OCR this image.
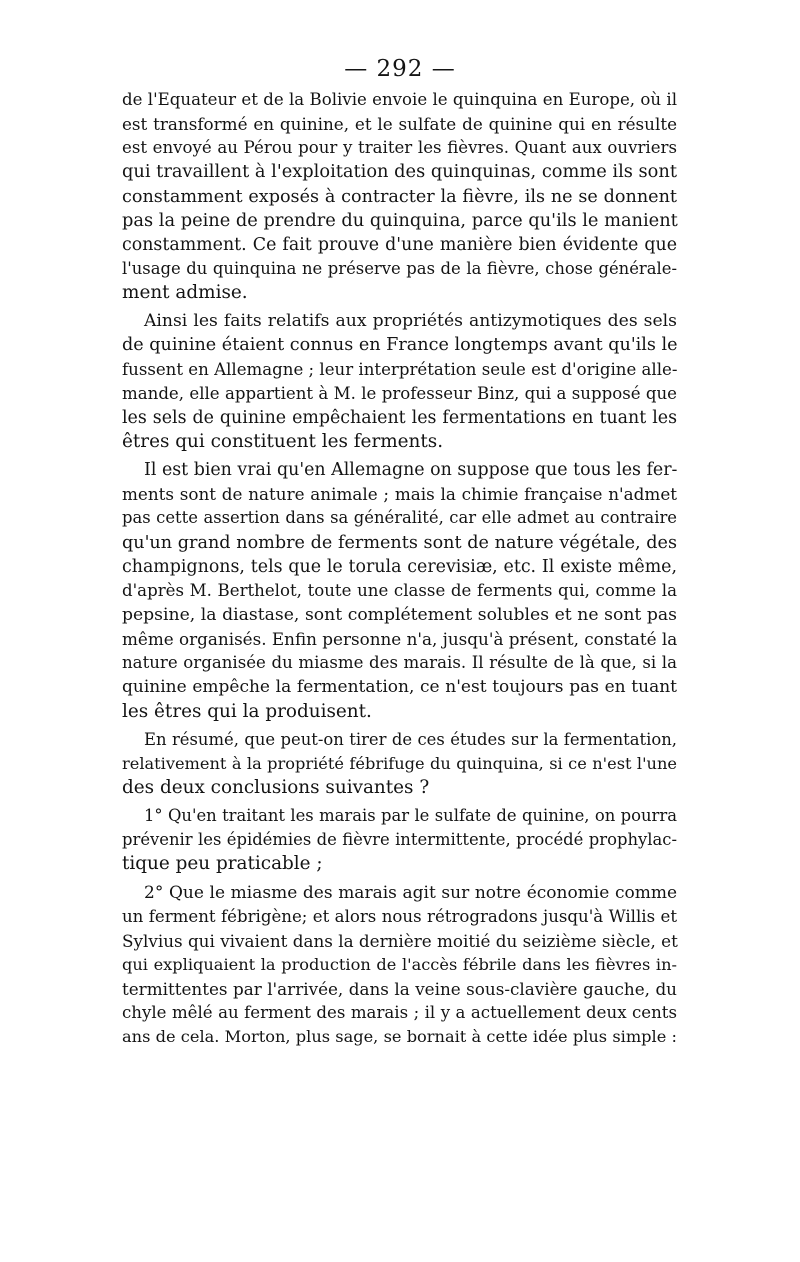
— 292 —
de l'Equateur et de la Bolivie envoie le quinquina en Europe, où il
est transformé en quinine, et le sulfate de quinine qui en résulte
est envoyé au Pérou pour y traiter les fièvres. Quant aux ouvriers
qui travaillent à l'exploitation des quinquinas, comme ils sont
constamment exposés à contracter la fièvre, ils ne se donnent
pas la peine de prendre du quinquina, parce qu'ils le manient
constamment. Ce fait prouve d'une manière bien évidente que
l'usage du quinquina ne préserve pas de la fièvre, chose générale-
ment admise.
Ainsi les faits relatifs aux propriétés antizymotiques des sels
de quinine étaient connus en France longtemps avant qu'ils le
fussent en Allemagne ; leur interprétation seule est d'origine alle-
mande, elle appartient à M. le professeur Binz, qui a supposé que
les sels de quinine empêchaient les fermentations en tuant les
êtres qui constituent les ferments.
Il est bien vrai qu'en Allemagne on suppose que tous les fer-
ments sont de nature animale ; mais la chimie française n'admet
pas cette assertion dans sa généralité, car elle admet au contraire
qu'un grand nombre de ferments sont de nature végétale, des
champignons, tels que le torula cerevisiæ, etc. Il existe même,
d'après M. Berthelot, toute une classe de ferments qui, comme la
pepsine, la diastase, sont complétement solubles et ne sont pas
même organisés. Enfin personne n'a, jusqu'à présent, constaté la
nature organisée du miasme des marais. Il résulte de là que, si la
quinine empêche la fermentation, ce n'est toujours pas en tuant
les êtres qui la produisent.
En résumé, que peut-on tirer de ces études sur la fermentation,
relativement à la propriété fébrifuge du quinquina, si ce n'est l'une
des deux conclusions suivantes ?
1° Qu'en traitant les marais par le sulfate de quinine, on pourra
prévenir les épidémies de fièvre intermittente, procédé prophylac-
tique peu praticable ;
2° Que le miasme des marais agit sur notre économie comme
un ferment fébrigène; et alors nous rétrogradons jusqu'à Willis et
Sylvius qui vivaient dans la dernière moitié du seizième siècle, et
qui expliquaient la production de l'accès fébrile dans les fièvres in-
termittentes par l'arrivée, dans la veine sous-clavière gauche, du
chyle mêlé au ferment des marais ; il y a actuellement deux cents
ans de cela. Morton, plus sage, se bornait à cette idée plus simple :
